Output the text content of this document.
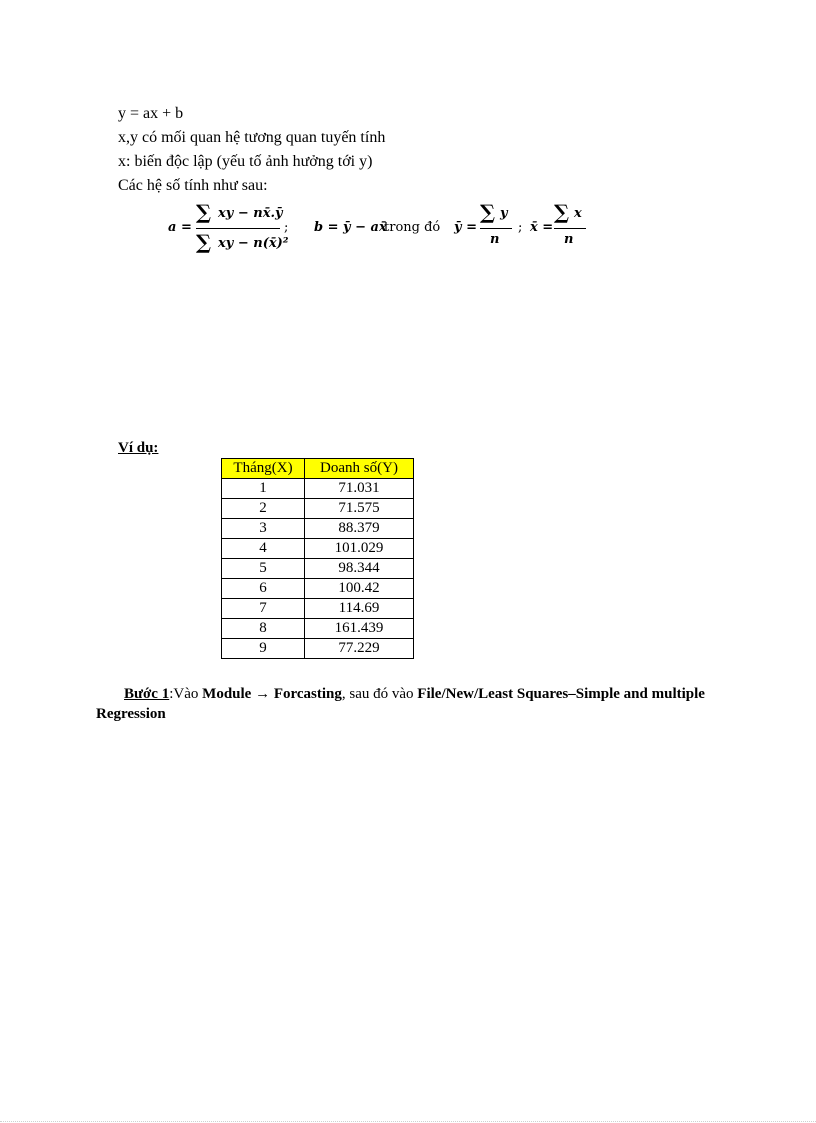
y = ax + b
x,y có mối quan hệ tương quan tuyến tính
x: biến độc lập (yếu tố ảnh hưởng tới y)
Các hệ số tính như sau:
a =
∑ xy − nx̄.ȳ
∑ xy − n(x̄)²
; b = ȳ − ax̄
trong đó ȳ =
∑ y
n
; x̄ =
∑ x
n
Ví dụ:
Tháng(X)	Doanh số(Y)
1	71.031
2	71.575
3	88.379
4	101.029
5	98.344
6	100.42
7	114.69
8	161.439
9	77.229
Bước 1:Vào Module → Forcasting, sau đó vào File/New/Least Squares–Simple and multiple Regression
